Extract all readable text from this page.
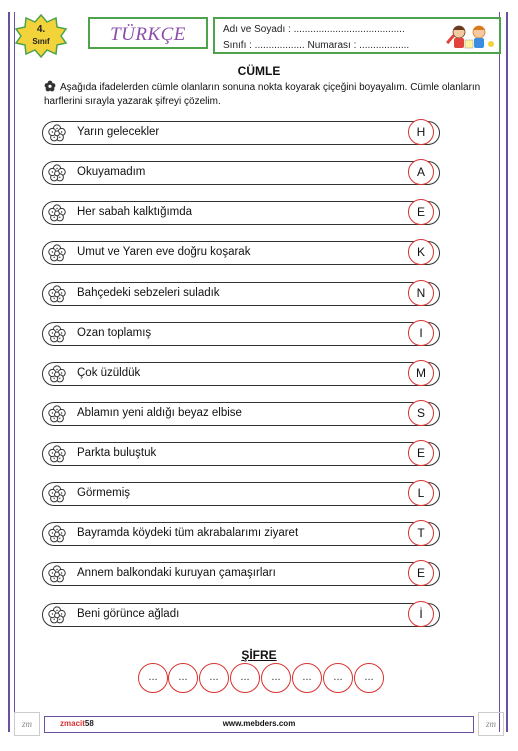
4.
Sınıf	TÜRKÇE	Adı ve Soyadı : ........................................
Sınıfı : .................. Numarası : ..................
CÜMLE
Aşağıda ifadelerden cümle olanların sonuna nokta koyarak çiçeğini boyayalım. Cümle olanların harflerini sırayla yazarak şifreyi çözelim.
Yarın gelecekler	H
Okuyamadım	A
Her sabah kalktığımda	E
Umut ve Yaren eve doğru koşarak	K
Bahçedeki sebzeleri suladık	N
Ozan toplamış	I
Çok üzüldük	M
Ablamın yeni aldığı beyaz elbise	S
Parkta buluştuk	E
Görmemiş	L
Bayramda köydeki tüm akrabalarımı ziyaret	T
Annem balkondaki kuruyan çamaşırları	E
Beni görünce ağladı	İ
ŞİFRE
...	...	...	...	...	...	...	...
zm	zm
zmacit58	www.mebders.com
